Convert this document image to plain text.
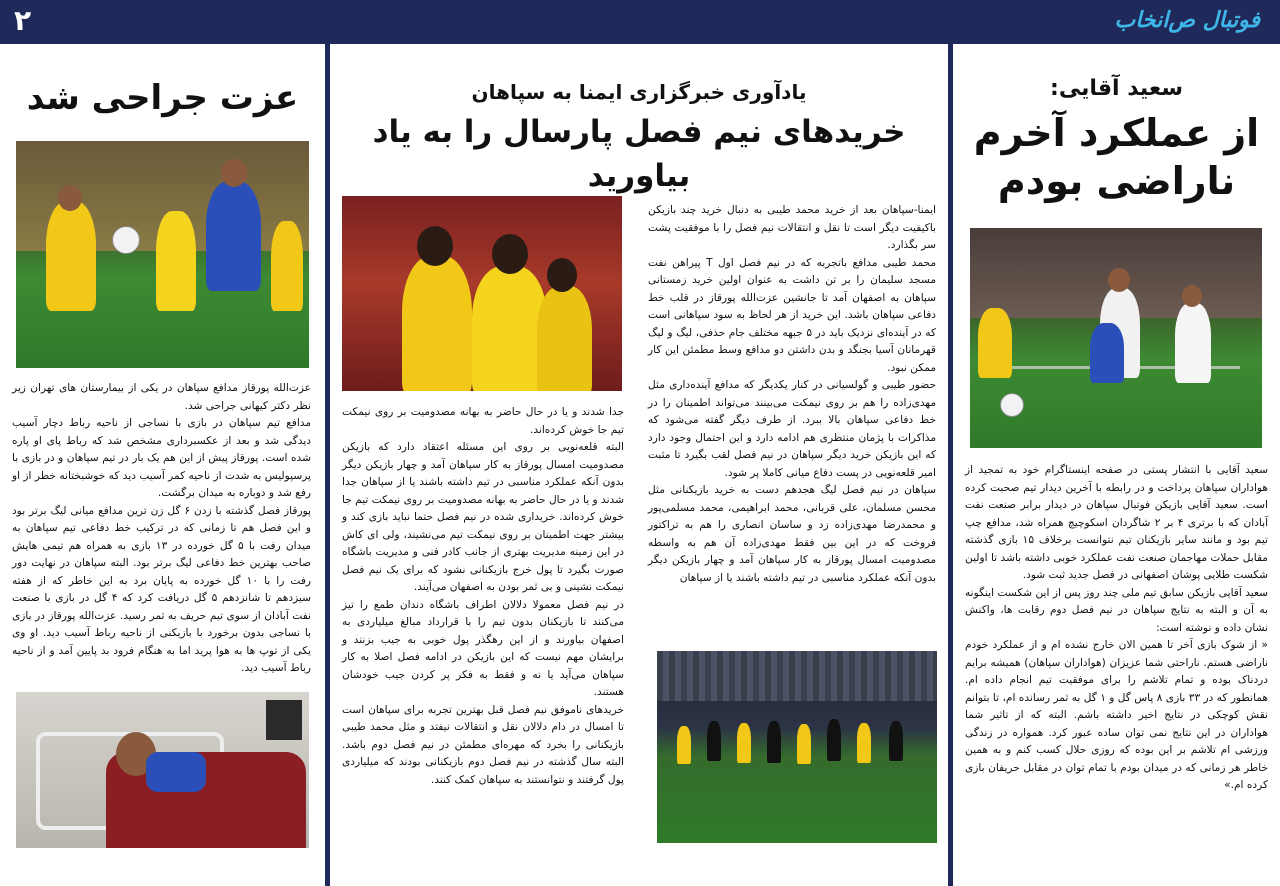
۲	فوتبال ص‌انخاب
سعید آقایی:
از عملکرد آخرم
ناراضی بودم

سعید آقایی با انتشار پستی در صفحه اینستاگرام خود به تمجید از هواداران سپاهان پرداخت و در رابطه با آخرین دیدار تیم صحبت کرده است. سعید آقایی بازیکن فوتبال سپاهان در دیدار برابر صنعت نفت آبادان که با برتری ۴ بر ۲ شاگردان اسکوچیچ همراه شد، مدافع چپ تیم بود و مانند سایر بازیکنان تیم نتوانست برخلاف ۱۵ بازی گذشته مقابل حملات مهاجمان صنعت نفت عملکرد خوبی داشته باشد تا اولین شکست طلایی پوشان اصفهانی در فصل جدید ثبت شود.

سعید آقایی بازیکن سابق تیم ملی چند روز پس از این شکست اینگونه به آن و البته به نتایج سپاهان در نیم فصل دوم رقابت ها، واکنش نشان داده و نوشته است:

« از شوک بازی آخر تا همین الان خارج نشده ام و از عملکرد خودم ناراضی هستم. ناراحتی شما عزیزان (هواداران سپاهان) همیشه برایم دردناک بوده و تمام تلاشم را برای موفقیت تیم انجام داده ام. همانطور که در ۳۳ بازی ۸ پاس گل و ۱ گل به ثمر رسانده ام، تا بتوانم نقش کوچکی در نتایج اخیر داشته باشم. البته که از تاثیر شما هواداران در این نتایج نمی توان ساده عبور کرد. همواره در زندگی ورزشی ام تلاشم بر این بوده که روزی حلال کسب کنم و به همین خاطر هر زمانی که در میدان بودم با تمام توان در مقابل حریفان بازی کرده ام.»

یادآوری خبرگزاری ایمنا به سپاهان
خریدهای نیم فصل پارسال را به یاد بیاورید

ایمنا-سپاهان بعد از خرید محمد طیبی به دنبال خرید چند بازیکن باکیفیت دیگر است تا نقل و انتقالات نیم فصل را با موفقیت پشت سر بگذارد.

محمد طیبی مدافع باتجربه که در نیم فصل اول T پیراهن نفت مسجد سلیمان را بر تن داشت به عنوان اولین خرید زمستانی سپاهان به اصفهان آمد تا جانشین عزت‌الله پورقاز در قلب خط دفاعی سپاهان باشد. این خرید از هر لحاظ به سود سپاهانی است که در آینده‌ای نزدیک باید در ۵ جبهه مختلف جام حذفی، لیگ و لیگ قهرمانان آسیا بجنگد و بدن داشتن دو مدافع وسط مطمئن این کار ممکن نبود.

حضور طیبی و گولسیانی در کنار یکدیگر که مدافع آینده‌داری مثل مهدی‌زاده را هم بر روی نیمکت می‌بینند می‌تواند اطمینان را در خط دفاعی سپاهان بالا ببرد. از طرف دیگر گفته می‌شود که مذاکرات با پژمان منتظری هم ادامه دارد و این احتمال وجود دارد که این بازیکن خرید دیگر سپاهان در نیم فصل لقب بگیرد تا مثبت امیر قلعه‌نویی در پست دفاع میانی کاملا پر شود.

سپاهان در نیم فصل لیگ هجدهم دست به خرید بازیکنانی مثل محسن مسلمان، علی قربانی، محمد ابراهیمی، محمد مسلمی‌پور و محمدرضا مهدی‌زاده زد و ساسان انصاری را هم به تراکتور فروخت که در این بین فقط مهدی‌زاده آن هم به واسطه مصدومیت امسال پورقاز به کار سپاهان آمد و چهار بازیکن دیگر بدون آنکه عملکرد مناسبی در تیم داشته باشند یا از سپاهان

جدا شدند و یا در حال حاضر به بهانه مصدومیت بر روی نیمکت تیم جا خوش کرده‌اند.

البته قلعه‌نویی بر روی این مسئله اعتقاد دارد که بازیکن مصدومیت امسال پورقاز به کار سپاهان آمد و چهار بازیکن دیگر بدون آنکه عملکرد مناسبی در تیم داشته باشند یا از سپاهان جدا شدند و یا در حال حاضر به بهانه مصدومیت بر روی نیمکت تیم جا خوش کرده‌اند. خریداری شده در نیم فصل حتما نباید بازی کند و بیشتر جهت اطمینان بر روی نیمکت تیم می‌نشیند، ولی ای کاش در این زمینه مدیریت بهتری از جانب کادر فنی و مدیریت باشگاه صورت بگیرد تا پول خرج بازیکنانی نشود که برای یک نیم فصل نیمکت نشینی و بی ثمر بودن به اصفهان می‌آیند.

در نیم فصل معمولا دلالان اطراف باشگاه دندان طمع را تیز می‌کنند تا بازیکنان بدون تیم را با قرارداد مبالغ میلیاردی به اصفهان بیاورند و از این رهگذر پول خوبی به جیب بزنند و برایشان مهم نیست که این بازیکن در ادامه فصل اصلا به کار سپاهان می‌آید یا نه و فقط به فکر پر کردن جیب خودشان هستند.

خریدهای ناموفق نیم فصل قبل بهترین تجربه برای سپاهان است تا امسال در دام دلالان نقل و انتقالات نیفتد و مثل محمد طیبی بازیکنانی را بخرد که مهره‌ای مطمئن در نیم فصل دوم باشد. البته سال گذشته در نیم فصل دوم بازیکنانی بودند که میلیاردی پول گرفتند و نتوانستند به سپاهان کمک کنند.

عزت جراحی شد

عزت‌الله پورقاز مدافع سپاهان در یکی از بیمارستان های تهران زیر نظر دکتر کیهانی جراحی شد.

مدافع تیم سپاهان در بازی با نساجی از ناحیه رباط دچار آسیب دیدگی شد و بعد از عکسبرداری مشخص شد که رباط پای او پاره شده است. پورقاز پیش از این هم یک بار در تیم سپاهان و در بازی با پرسپولیس به شدت از ناحیه کمر آسیب دید که خوشبختانه خطر از او رفع شد و دوباره به میدان برگشت.

پورقاز فصل گذشته با زدن ۶ گل زن ترین مدافع میانی لیگ برتر بود و این فصل هم تا زمانی که در ترکیب خط دفاعی تیم سپاهان به میدان رفت با ۵ گل خورده در ۱۳ بازی به همراه هم تیمی هایش صاحب بهترین خط دفاعی لیگ برتر بود. البته سپاهان در نهایت دور رفت را با ۱۰ گل خورده به پایان برد به این خاطر که از هفته سیزدهم تا شانزدهم ۵ گل دریافت کرد که ۴ گل در بازی با صنعت نفت آبادان از سوی تیم حریف به ثمر رسید. عزت‌الله پورقاز در بازی با نساجی بدون برخورد با بازیکنی از ناحیه رباط آسیب دید. او وی یکی از توپ ها به هوا پرید اما به هنگام فرود بد پایین آمد و از ناحیه رباط آسیب دید.
